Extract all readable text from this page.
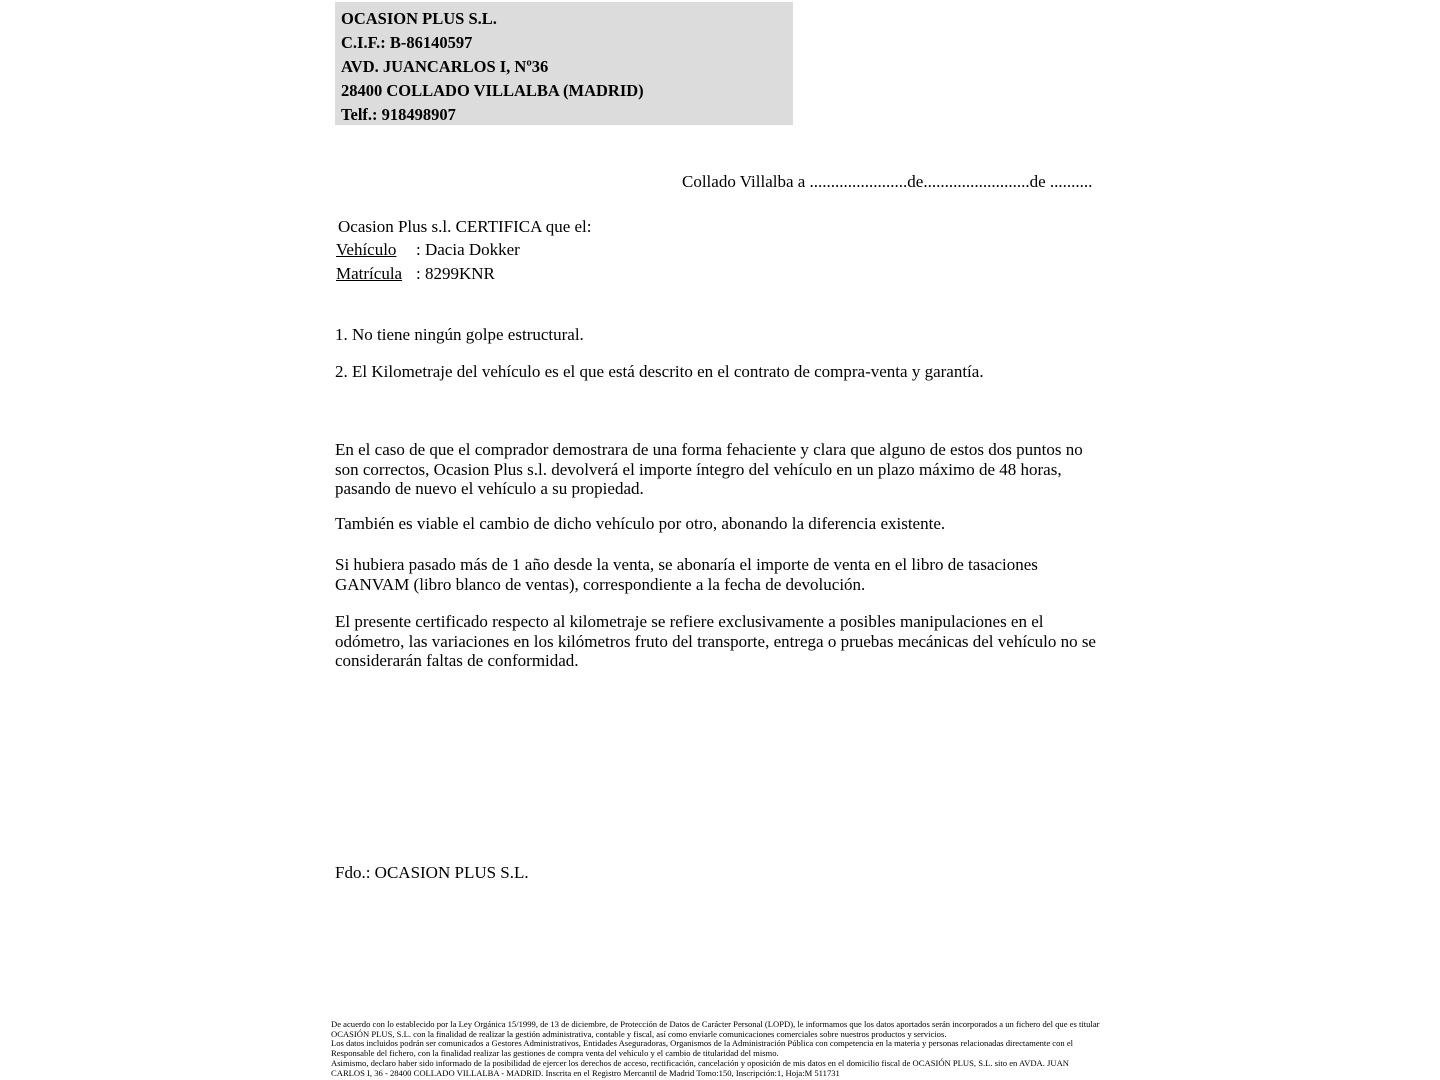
OCASION PLUS S.L.
C.I.F.: B-86140597
AVD. JUANCARLOS I, Nº36
28400 COLLADO VILLALBA (MADRID)
Telf.: 918498907
Collado Villalba a .......................de.........................de ..........
Ocasion Plus s.l. CERTIFICA que el:
Vehículo : Dacia Dokker
Matrícula : 8299KNR
1. No tiene ningún golpe estructural.
2. El Kilometraje del vehículo es el que está descrito en el contrato de compra-venta y garantía.
En el caso de que el comprador demostrara de una forma fehaciente y clara que alguno de estos dos puntos no son correctos, Ocasion Plus s.l. devolverá el importe íntegro del vehículo en un plazo máximo de 48 horas, pasando de nuevo el vehículo a su propiedad.
También es viable el cambio de dicho vehículo por otro, abonando la diferencia existente.
Si hubiera pasado más de 1 año desde la venta, se abonaría el importe de venta en el libro de tasaciones GANVAM (libro blanco de ventas), correspondiente a la fecha de devolución.
El presente certificado respecto al kilometraje se refiere exclusivamente a posibles manipulaciones en el odómetro, las variaciones en los kilómetros fruto del transporte, entrega o pruebas mecánicas del vehículo no se considerarán faltas de conformidad.
Fdo.: OCASION PLUS S.L.

De acuerdo con lo establecido por la Ley Orgánica 15/1999, de 13 de diciembre, de Protección de Datos de Carácter Personal (LOPD), le informamos que los datos aportados serán incorporados a un fichero del que es titular OCASIÓN PLUS, S.L. con la finalidad de realizar la gestión administrativa, contable y fiscal, así como enviarle comunicaciones comerciales sobre nuestros productos y servicios.

Los datos incluidos podrán ser comunicados a Gestores Administrativos, Entidades Aseguradoras, Organismos de la Administración Pública con competencia en la materia y personas relacionadas directamente con el Responsable del fichero, con la finalidad realizar las gestiones de compra venta del vehículo y el cambio de titularidad del mismo.

Asimismo, declaro haber sido informado de la posibilidad de ejercer los derechos de acceso, rectificación, cancelación y oposición de mis datos en el domicilio fiscal de OCASIÓN PLUS, S.L. sito en AVDA. JUAN CARLOS I, 36 - 28400 COLLADO VILLALBA - MADRID. Inscrita en el Registro Mercantil de Madrid Tomo:150, Inscripción:1, Hoja:M 511731
